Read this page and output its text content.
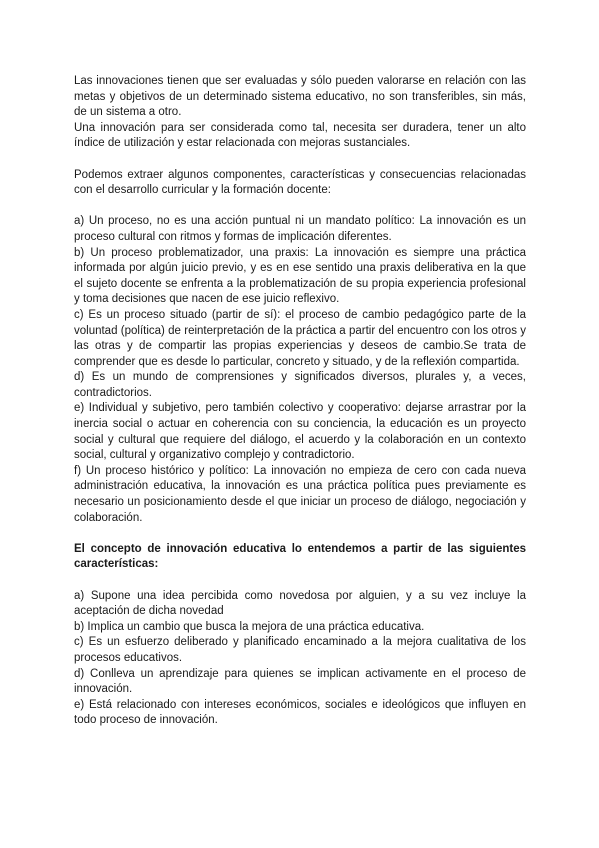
Las innovaciones tienen que ser evaluadas y sólo pueden valorarse en relación con las metas y objetivos de un determinado sistema educativo, no son transferibles, sin más, de un sistema a otro.

Una innovación para ser considerada como tal, necesita ser duradera, tener un alto índice de utilización y estar relacionada con mejoras sustanciales.

Podemos extraer algunos componentes, características y consecuencias relacionadas con el desarrollo curricular y la formación docente:

a) Un proceso, no es una acción puntual ni un mandato político: La innovación es un proceso cultural con ritmos y formas de implicación diferentes.

b) Un proceso problematizador, una praxis: La innovación es siempre una práctica informada por algún juicio previo, y es en ese sentido una praxis deliberativa en la que el sujeto docente se enfrenta a la problematización de su propia experiencia profesional y toma decisiones que nacen de ese juicio reflexivo.

c) Es un proceso situado (partir de sí): el proceso de cambio pedagógico parte de la voluntad (política) de reinterpretación de la práctica a partir del encuentro con los otros y las otras y de compartir las propias experiencias y deseos de cambio.Se trata de comprender que es desde lo particular, concreto y situado, y de la reflexión compartida.

d) Es un mundo de comprensiones y significados diversos, plurales y, a veces, contradictorios.

e) Individual y subjetivo, pero también colectivo y cooperativo: dejarse arrastrar por la inercia social o actuar en coherencia con su conciencia, la educación es un proyecto social y cultural que requiere del diálogo, el acuerdo y la colaboración en un contexto social, cultural y organizativo complejo y contradictorio.

f) Un proceso histórico y político: La innovación no empieza de cero con cada nueva administración educativa, la innovación es una práctica política pues previamente es necesario un posicionamiento desde el que iniciar un proceso de diálogo, negociación y colaboración.

El concepto de innovación educativa lo entendemos a partir de las siguientes características:

a) Supone una idea percibida como novedosa por alguien, y a su vez incluye la aceptación de dicha novedad

b) Implica un cambio que busca la mejora de una práctica educativa.

c) Es un esfuerzo deliberado y planificado encaminado a la mejora cualitativa de los procesos educativos.

d) Conlleva un aprendizaje para quienes se implican activamente en el proceso de innovación.

e) Está relacionado con intereses económicos, sociales e ideológicos que influyen en todo proceso de innovación.
